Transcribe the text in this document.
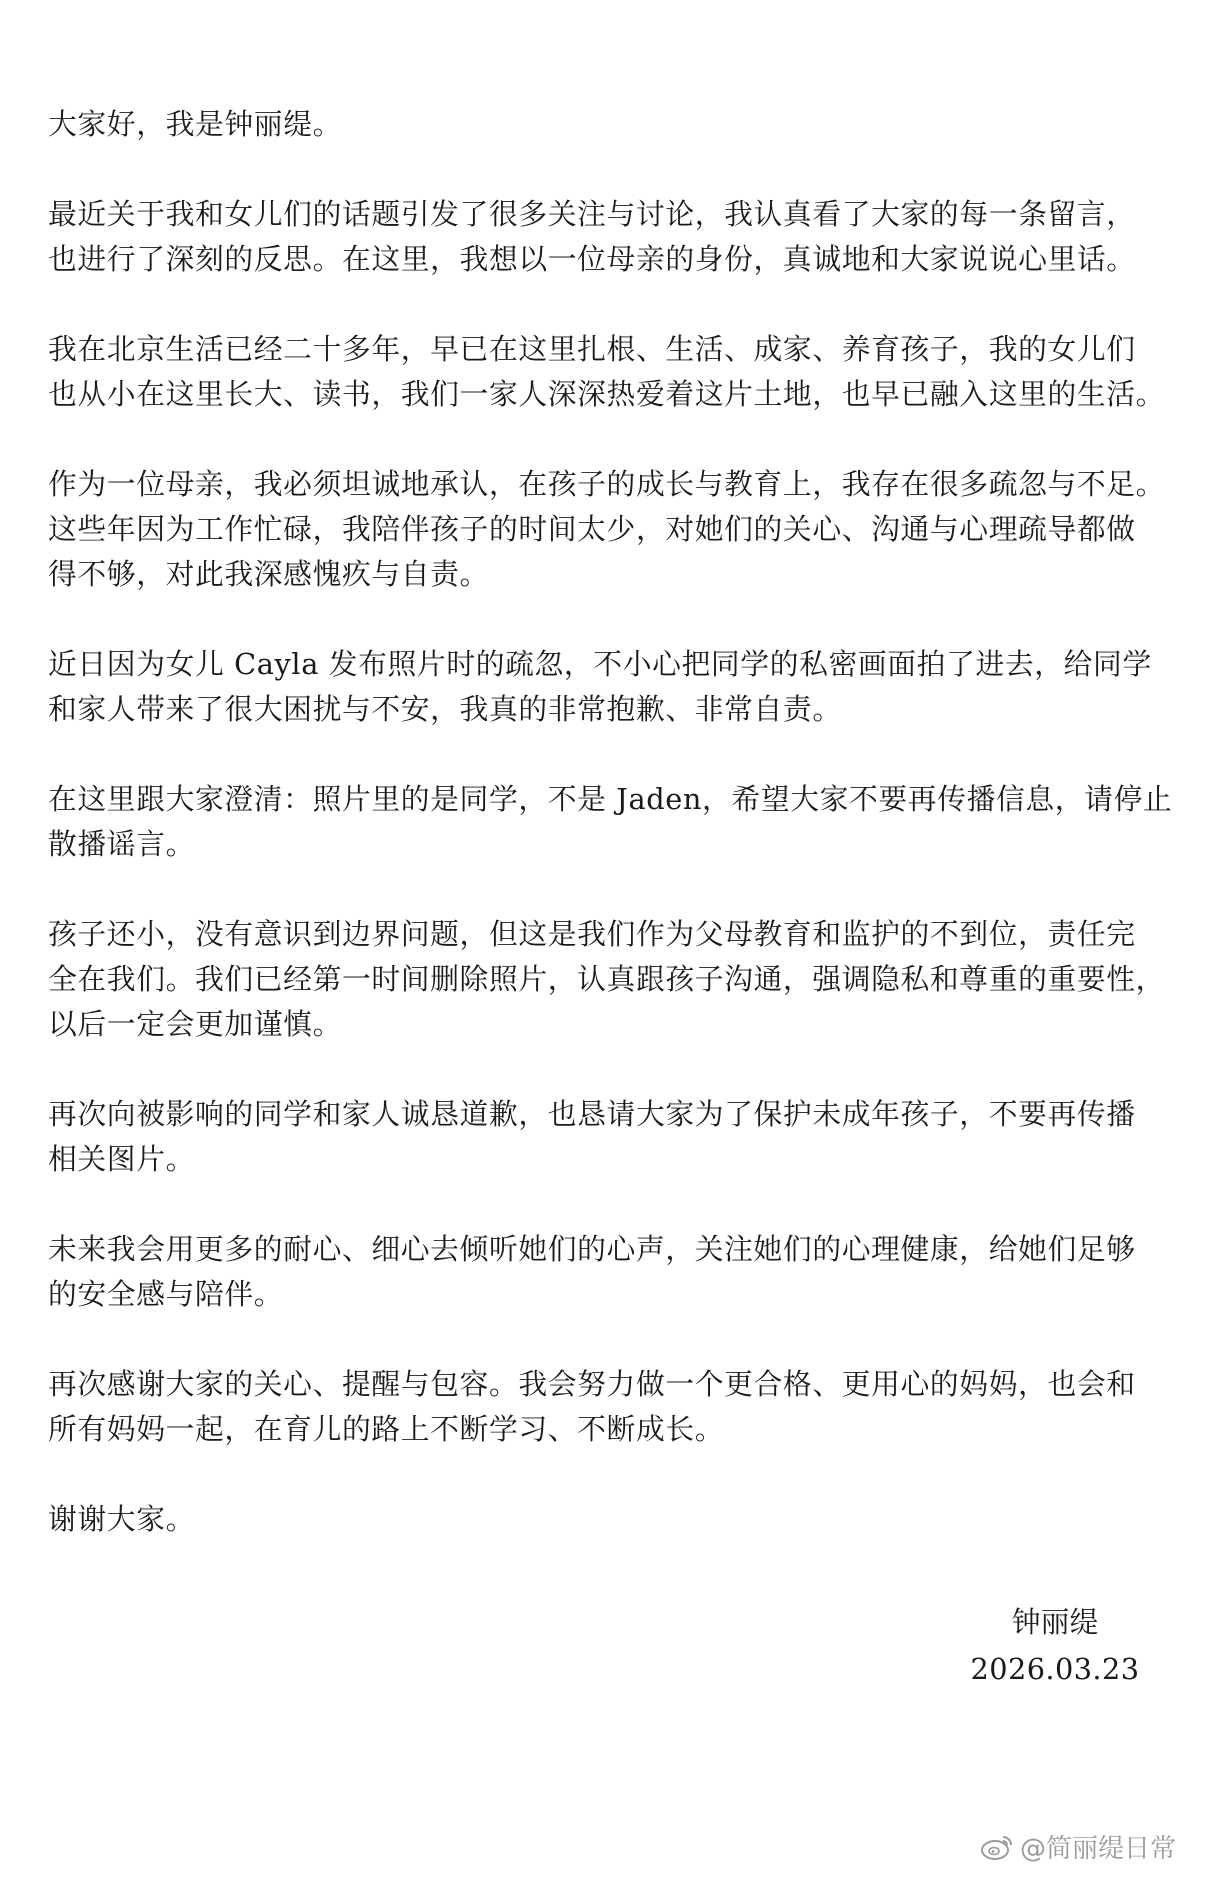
大家好，我是钟丽缇。

最近关于我和女儿们的话题引发了很多关注与讨论，我认真看了大家的每一条留言，
也进行了深刻的反思。在这里，我想以一位母亲的身份，真诚地和大家说说心里话。

我在北京生活已经二十多年，早已在这里扎根、生活、成家、养育孩子，我的女儿们
也从小在这里长大、读书，我们一家人深深热爱着这片土地，也早已融入这里的生活。

作为一位母亲，我必须坦诚地承认，在孩子的成长与教育上，我存在很多疏忽与不足。
这些年因为工作忙碌，我陪伴孩子的时间太少，对她们的关心、沟通与心理疏导都做
得不够，对此我深感愧疚与自责。

近日因为女儿 Cayla 发布照片时的疏忽，不小心把同学的私密画面拍了进去，给同学
和家人带来了很大困扰与不安，我真的非常抱歉、非常自责。

在这里跟大家澄清：照片里的是同学，不是 Jaden，希望大家不要再传播信息，请停止
散播谣言。

孩子还小，没有意识到边界问题，但这是我们作为父母教育和监护的不到位，责任完
全在我们。我们已经第一时间删除照片，认真跟孩子沟通，强调隐私和尊重的重要性，
以后一定会更加谨慎。

再次向被影响的同学和家人诚恳道歉，也恳请大家为了保护未成年孩子，不要再传播
相关图片。

未来我会用更多的耐心、细心去倾听她们的心声，关注她们的心理健康，给她们足够
的安全感与陪伴。

再次感谢大家的关心、提醒与包容。我会努力做一个更合格、更用心的妈妈，也会和
所有妈妈一起，在育儿的路上不断学习、不断成长。

谢谢大家。

钟丽缇
2026.03.23
@简丽缇日常
